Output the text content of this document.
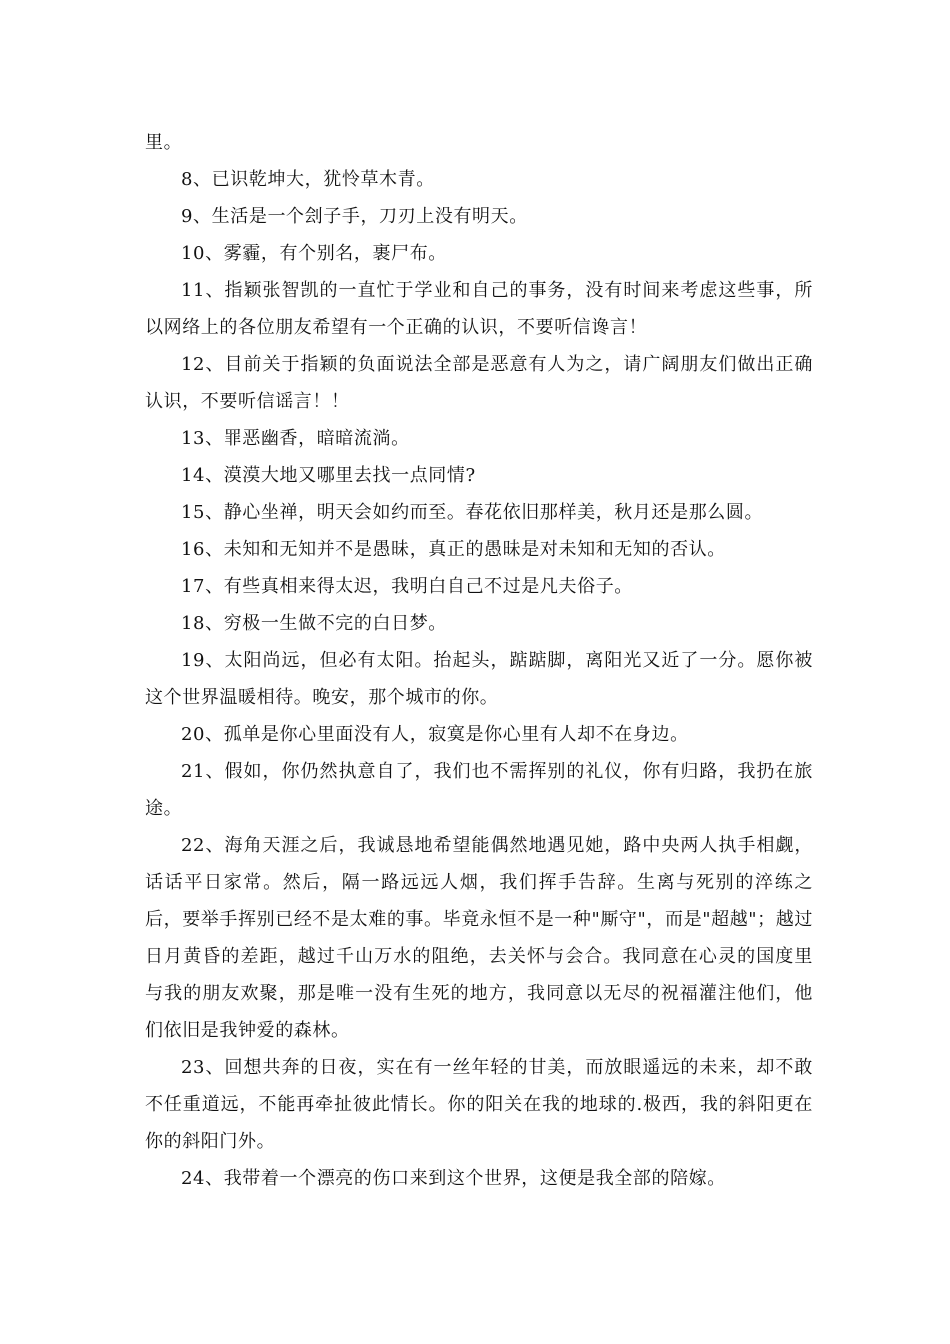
里。

8、已识乾坤大，犹怜草木青。

9、生活是一个刽子手，刀刃上没有明天。

10、雾霾，有个别名，裹尸布。

11、指颖张智凯的一直忙于学业和自己的事务，没有时间来考虑这些事，所以网络上的各位朋友希望有一个正确的认识，不要听信谗言！

12、目前关于指颖的负面说法全部是恶意有人为之，请广阔朋友们做出正确认识，不要听信谣言！！

13、罪恶幽香，暗暗流淌。

14、漠漠大地又哪里去找一点同情?

15、静心坐禅，明天会如约而至。春花依旧那样美，秋月还是那么圆。

16、未知和无知并不是愚昧，真正的愚昧是对未知和无知的否认。

17、有些真相来得太迟，我明白自己不过是凡夫俗子。

18、穷极一生做不完的白日梦。

19、太阳尚远，但必有太阳。抬起头，踮踮脚，离阳光又近了一分。愿你被这个世界温暖相待。晚安，那个城市的你。

20、孤单是你心里面没有人，寂寞是你心里有人却不在身边。

21、假如，你仍然执意自了，我们也不需挥别的礼仪，你有归路，我扔在旅途。

22、海角天涯之后，我诚恳地希望能偶然地遇见她，路中央两人执手相觑，话话平日家常。然后，隔一路远远人烟，我们挥手告辞。生离与死别的淬练之后，要举手挥别已经不是太难的事。毕竟永恒不是一种"厮守"，而是"超越"；越过日月黄昏的差距，越过千山万水的阻绝，去关怀与会合。我同意在心灵的国度里与我的朋友欢聚，那是唯一没有生死的地方，我同意以无尽的祝福灌注他们，他们依旧是我钟爱的森林。

23、回想共奔的日夜，实在有一丝年轻的甘美，而放眼遥远的未来，却不敢不任重道远，不能再牵扯彼此情长。你的阳关在我的地球的.极西，我的斜阳更在你的斜阳门外。

24、我带着一个漂亮的伤口来到这个世界，这便是我全部的陪嫁。
